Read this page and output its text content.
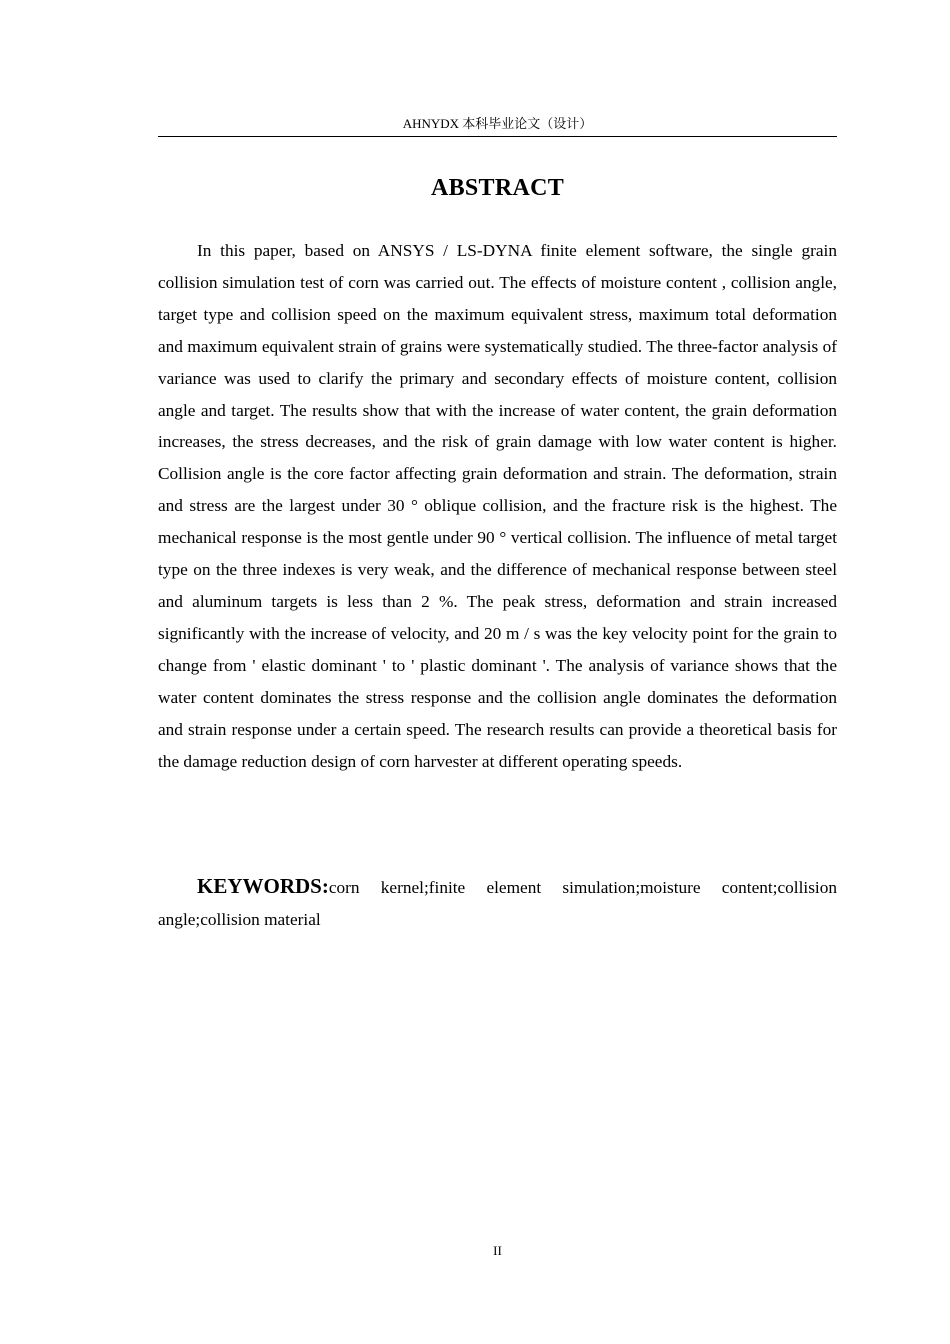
AHNYDX 本科毕业论文（设计）
ABSTRACT

In this paper, based on ANSYS / LS-DYNA finite element software, the single grain collision simulation test of corn was carried out. The effects of moisture content , collision angle, target type and collision speed on the maximum equivalent stress, maximum total deformation and maximum equivalent strain of grains were systematically studied. The three-factor analysis of variance was used to clarify the primary and secondary effects of moisture content, collision angle and target. The results show that with the increase of water content, the grain deformation increases, the stress decreases, and the risk of grain damage with low water content is higher. Collision angle is the core factor affecting grain deformation and strain. The deformation, strain and stress are the largest under 30 ° oblique collision, and the fracture risk is the highest. The mechanical response is the most gentle under 90 ° vertical collision. The influence of metal target type on the three indexes is very weak, and the difference of mechanical response between steel and aluminum targets is less than 2 %. The peak stress, deformation and strain increased significantly with the increase of velocity, and 20 m / s was the key velocity point for the grain to change from ' elastic dominant ' to ' plastic dominant '. The analysis of variance shows that the water content dominates the stress response and the collision angle dominates the deformation and strain response under a certain speed. The research results can provide a theoretical basis for the damage reduction design of corn harvester at different operating speeds.

KEYWORDS:corn kernel;finite element simulation;moisture content;collision angle;collision material

II
